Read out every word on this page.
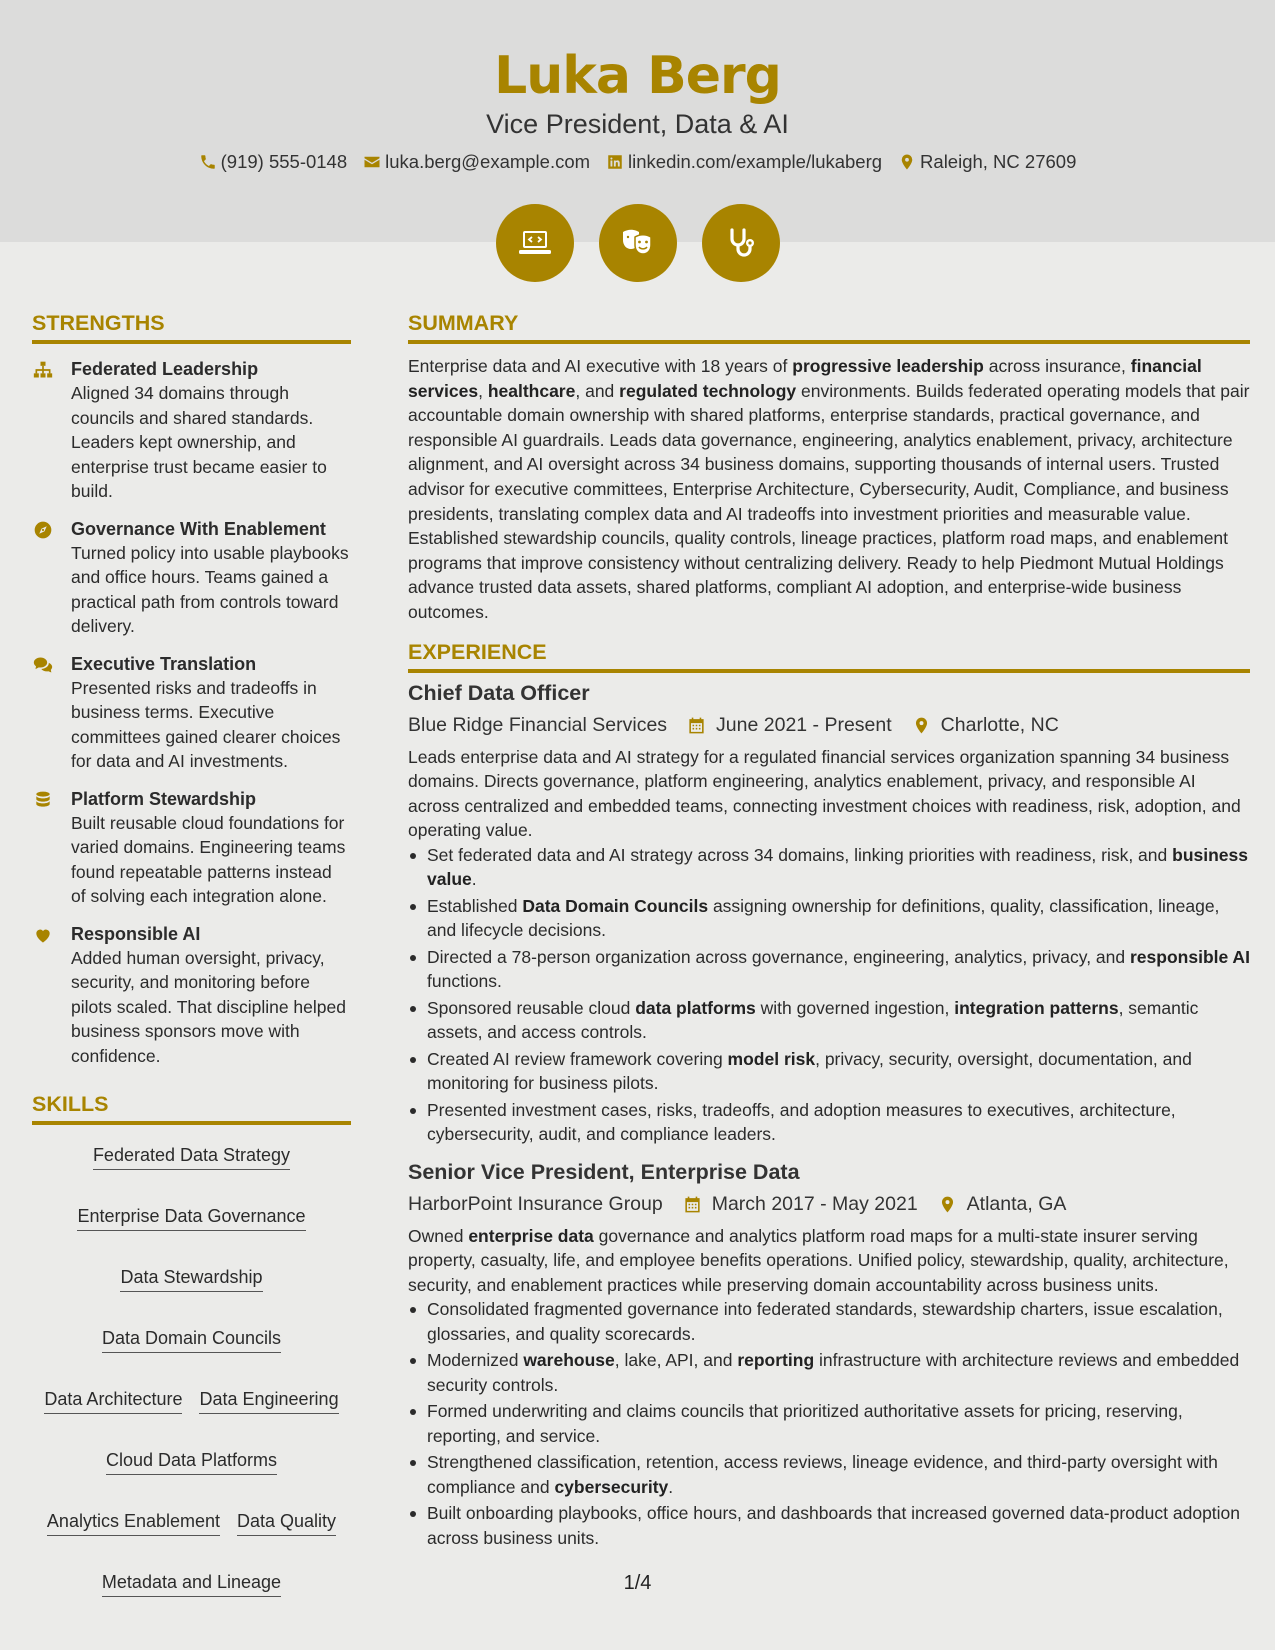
Luka Berg
Vice President, Data & AI
(919) 555-0148 luka.berg@example.com linkedin.com/example/lukaberg Raleigh, NC 27609
STRENGTHS
Federated Leadership
Aligned 34 domains through councils and shared standards. Leaders kept ownership, and enterprise trust became easier to build.
Governance With Enablement
Turned policy into usable playbooks and office hours. Teams gained a practical path from controls toward delivery.
Executive Translation
Presented risks and tradeoffs in business terms. Executive committees gained clearer choices for data and AI investments.
Platform Stewardship
Built reusable cloud foundations for varied domains. Engineering teams found repeatable patterns instead of solving each integration alone.
Responsible AI
Added human oversight, privacy, security, and monitoring before pilots scaled. That discipline helped business sponsors move with confidence.
SKILLS
Federated Data Strategy
Enterprise Data Governance
Data Stewardship
Data Domain Councils
Data Architecture Data Engineering
Cloud Data Platforms
Analytics Enablement Data Quality
Metadata and Lineage
SUMMARY

Enterprise data and AI executive with 18 years of progressive leadership across insurance, financial services, healthcare, and regulated technology environments. Builds federated operating models that pair accountable domain ownership with shared platforms, enterprise standards, practical governance, and responsible AI guardrails. Leads data governance, engineering, analytics enablement, privacy, architecture alignment, and AI oversight across 34 business domains, supporting thousands of internal users. Trusted advisor for executive committees, Enterprise Architecture, Cybersecurity, Audit, Compliance, and business presidents, translating complex data and AI tradeoffs into investment priorities and measurable value. Established stewardship councils, quality controls, lineage practices, platform road maps, and enablement programs that improve consistency without centralizing delivery. Ready to help Piedmont Mutual Holdings advance trusted data assets, shared platforms, compliant AI adoption, and enterprise-wide business outcomes.

EXPERIENCE
Chief Data Officer
Blue Ridge Financial Services	June 2021 - Present	Charlotte, NC

Leads enterprise data and AI strategy for a regulated financial services organization spanning 34 business domains. Directs governance, platform engineering, analytics enablement, privacy, and responsible AI across centralized and embedded teams, connecting investment choices with readiness, risk, adoption, and operating value.

Set federated data and AI strategy across 34 domains, linking priorities with readiness, risk, and business value.
Established Data Domain Councils assigning ownership for definitions, quality, classification, lineage, and lifecycle decisions.
Directed a 78-person organization across governance, engineering, analytics, privacy, and responsible AI functions.
Sponsored reusable cloud data platforms with governed ingestion, integration patterns, semantic assets, and access controls.
Created AI review framework covering model risk, privacy, security, oversight, documentation, and monitoring for business pilots.
Presented investment cases, risks, tradeoffs, and adoption measures to executives, architecture, cybersecurity, audit, and compliance leaders.
Senior Vice President, Enterprise Data
HarborPoint Insurance Group	March 2017 - May 2021	Atlanta, GA

Owned enterprise data governance and analytics platform road maps for a multi-state insurer serving property, casualty, life, and employee benefits operations. Unified policy, stewardship, quality, architecture, security, and enablement practices while preserving domain accountability across business units.

Consolidated fragmented governance into federated standards, stewardship charters, issue escalation, glossaries, and quality scorecards.
Modernized warehouse, lake, API, and reporting infrastructure with architecture reviews and embedded security controls.
Formed underwriting and claims councils that prioritized authoritative assets for pricing, reserving, reporting, and service.
Strengthened classification, retention, access reviews, lineage evidence, and third-party oversight with compliance and cybersecurity.
Built onboarding playbooks, office hours, and dashboards that increased governed data-product adoption across business units.
1/4
